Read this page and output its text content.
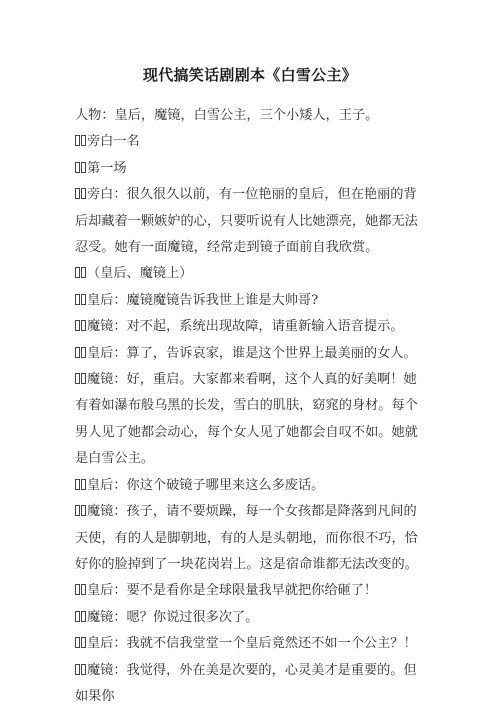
现代搞笑话剧剧本《白雪公主》

人物：皇后，魔镜，白雪公主，三个小矮人，王子。

旁白一名

第一场

旁白：很久很久以前，有一位艳丽的皇后，但在艳丽的背后却藏着一颗嫉妒的心，只要听说有人比她漂亮，她都无法忍受。她有一面魔镜，经常走到镜子面前自我欣赏。

（皇后、魔镜上）

皇后：魔镜魔镜告诉我世上谁是大帅哥?

魔镜：对不起，系统出现故障，请重新输入语音提示。

皇后：算了，告诉哀家，谁是这个世界上最美丽的女人。

魔镜：好，重启。大家都来看啊，这个人真的好美啊！她有着如瀑布般乌黑的长发，雪白的肌肤，窈窕的身材。每个男人见了她都会动心，每个女人见了她都会自叹不如。她就是白雪公主。

皇后：你这个破镜子哪里来这么多废话。

魔镜：孩子，请不要烦躁，每一个女孩都是降落到凡间的天使，有的人是脚朝地，有的人是头朝地，而你很不巧，恰好你的脸掉到了一块花岗岩上。这是宿命谁都无法改变的。

皇后：要不是看你是全球限量我早就把你给砸了！

魔镜：嗯？你说过很多次了。

皇后：我就不信我堂堂一个皇后竟然还不如一个公主？！

魔镜：我觉得，外在美是次要的，心灵美才是重要的。但如果你
